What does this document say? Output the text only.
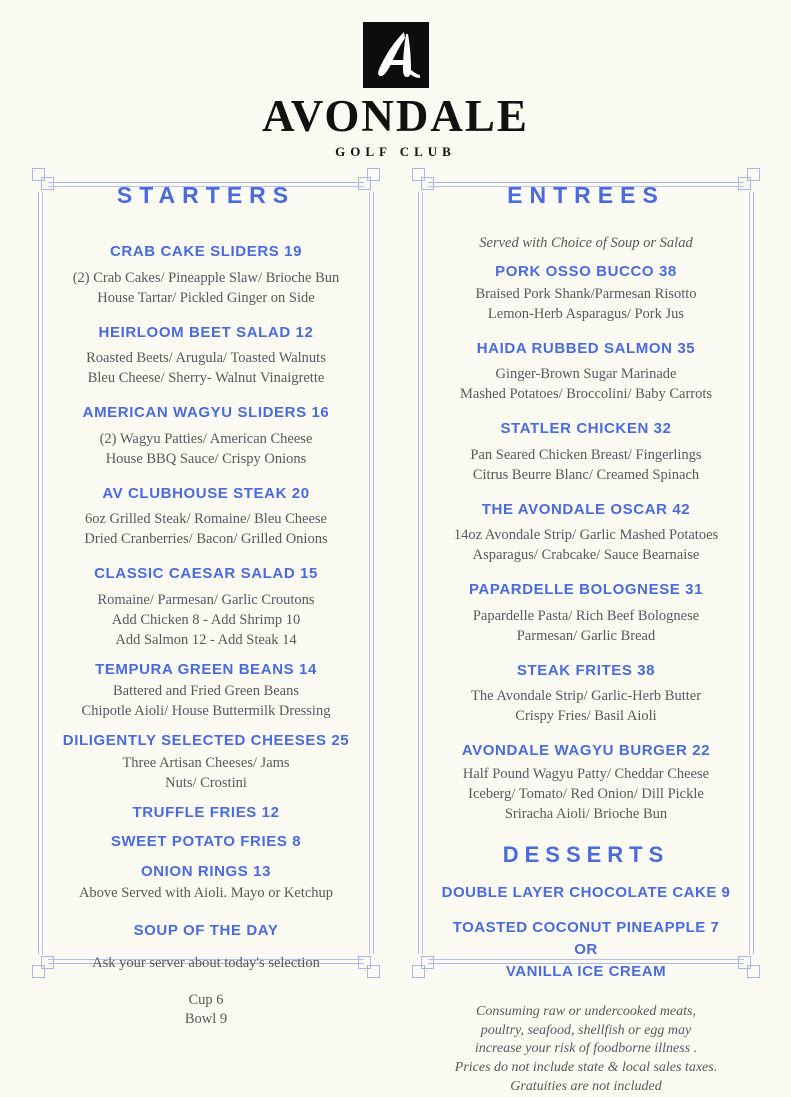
AVONDALE
GOLF CLUB
STARTERS
CRAB CAKE SLIDERS 19
(2) Crab Cakes/ Pineapple Slaw/ Brioche Bun
House Tartar/ Pickled Ginger on Side
HEIRLOOM BEET SALAD 12
Roasted Beets/ Arugula/ Toasted Walnuts
Bleu Cheese/ Sherry- Walnut Vinaigrette
AMERICAN WAGYU SLIDERS 16
(2) Wagyu Patties/ American Cheese
House BBQ Sauce/ Crispy Onions
AV CLUBHOUSE STEAK 20
6oz Grilled Steak/ Romaine/ Bleu Cheese
Dried Cranberries/ Bacon/ Grilled Onions
CLASSIC CAESAR SALAD 15
Romaine/ Parmesan/ Garlic Croutons
Add Chicken 8 - Add Shrimp 10
Add Salmon 12 - Add Steak 14
TEMPURA GREEN BEANS 14
Battered and Fried Green Beans
Chipotle Aioli/ House Buttermilk Dressing
DILIGENTLY SELECTED CHEESES 25
Three Artisan Cheeses/ Jams
Nuts/ Crostini
TRUFFLE FRIES 12
SWEET POTATO FRIES 8
ONION RINGS 13
Above Served with Aioli. Mayo or Ketchup
SOUP OF THE DAY
Ask your server about today's selection
Cup 6
Bowl 9
ENTREES
Served with Choice of Soup or Salad
PORK OSSO BUCCO 38
Braised Pork Shank/Parmesan Risotto
Lemon-Herb Asparagus/ Pork Jus
HAIDA RUBBED SALMON 35
Ginger-Brown Sugar Marinade
Mashed Potatoes/ Broccolini/ Baby Carrots
STATLER CHICKEN 32
Pan Seared Chicken Breast/ Fingerlings
Citrus Beurre Blanc/ Creamed Spinach
THE AVONDALE OSCAR 42
14oz Avondale Strip/ Garlic Mashed Potatoes
Asparagus/ Crabcake/ Sauce Bearnaise
PAPARDELLE BOLOGNESE 31
Papardelle Pasta/ Rich Beef Bolognese
Parmesan/ Garlic Bread
STEAK FRITES 38
The Avondale Strip/ Garlic-Herb Butter
Crispy Fries/ Basil Aioli
AVONDALE WAGYU BURGER 22
Half Pound Wagyu Patty/ Cheddar Cheese
Iceberg/ Tomato/ Red Onion/ Dill Pickle
Sriracha Aioli/ Brioche Bun
DESSERTS
DOUBLE LAYER CHOCOLATE CAKE 9
TOASTED COCONUT PINEAPPLE 7
OR
VANILLA ICE CREAM
Consuming raw or undercooked meats,
poultry, seafood, shellfish or egg may
increase your risk of foodborne illness .
Prices do not include state & local sales taxes.
Gratuities are not included
